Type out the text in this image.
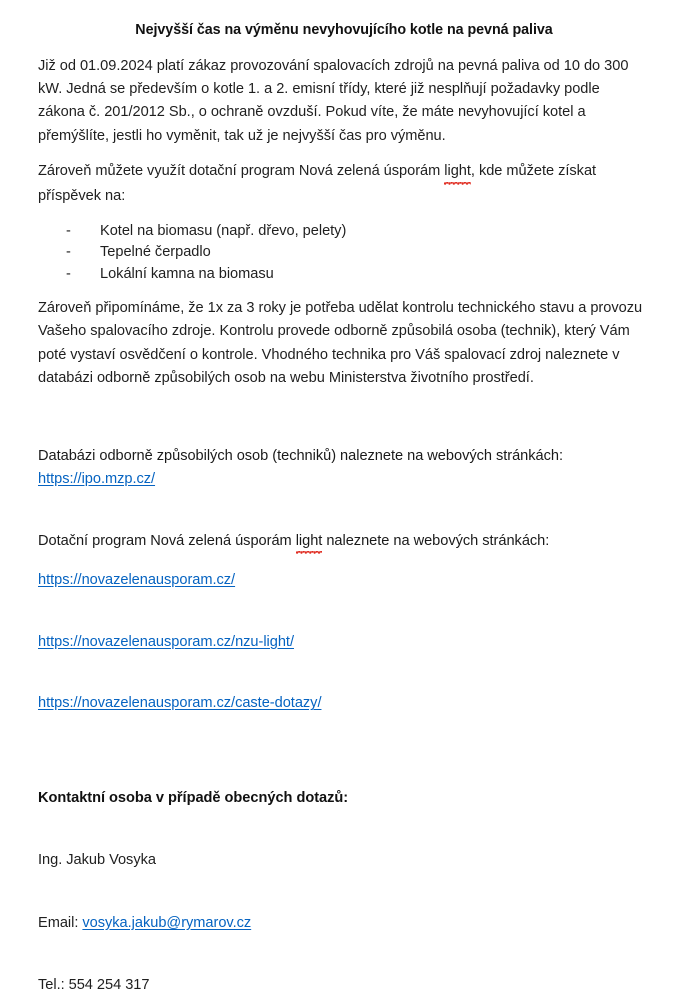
Nejvyšší čas na výměnu nevyhovujícího kotle na pevná paliva

Již od 01.09.2024 platí zákaz provozování spalovacích zdrojů na pevná paliva od 10 do 300 kW. Jedná se především o kotle 1. a 2. emisní třídy, které již nesplňují požadavky podle zákona č. 201/2012 Sb., o ochraně ovzduší. Pokud víte, že máte nevyhovující kotel a přemýšlíte, jestli ho vyměnit, tak už je nejvyšší čas pro výměnu.

Zároveň můžete využít dotační program Nová zelená úsporám light, kde můžete získat příspěvek na:

- Kotel na biomasu (např. dřevo, pelety)
- Tepelné čerpadlo
- Lokální kamna na biomasu

Zároveň připomínáme, že 1x za 3 roky je potřeba udělat kontrolu technického stavu a provozu Vašeho spalovacího zdroje. Kontrolu provede odborně způsobilá osoba (technik), který Vám poté vystaví osvědčení o kontrole. Vhodného technika pro Váš spalovací zdroj naleznete v databázi odborně způsobilých osob na webu Ministerstva životního prostředí.

Databázi odborně způsobilých osob (techniků) naleznete na webových stránkách: https://ipo.mzp.cz/

Dotační program Nová zelená úsporám light naleznete na webových stránkách:

https://novazelenausporam.cz/

https://novazelenausporam.cz/nzu-light/

https://novazelenausporam.cz/caste-dotazy/

Kontaktní osoba v případě obecných dotazů:

Ing. Jakub Vosyka

Email: vosyka.jakub@rymarov.cz

Tel.: 554 254 317
